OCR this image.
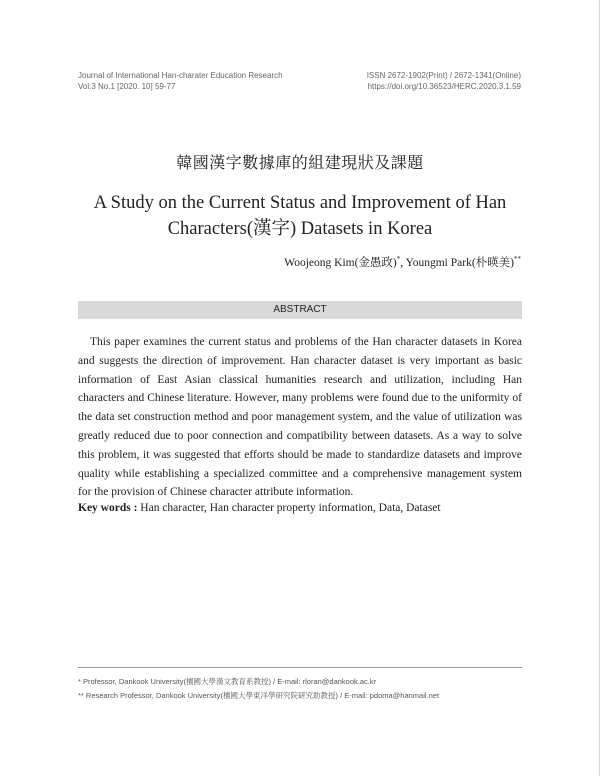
Journal of International Han-charater Education Research
Vol.3 No.1 [2020. 10] 59-77
ISSN 2672-1902(Print) / 2672-1341(Online)
https://doi.org/10.36523/HERC.2020.3.1.59
韓國漢字數據庫的組建現狀及課題
A Study on the Current Status and Improvement of Han
Characters(漢字) Datasets in Korea
Woojeong Kim(金愚政)*, Youngmi Park(朴暎美)**
ABSTRACT

This paper examines the current status and problems of the Han character datasets in Korea and suggests the direction of improvement. Han character dataset is very important as basic information of East Asian classical humanities research and utilization, including Han characters and Chinese literature. However, many problems were found due to the uniformity of the data set construction method and poor management system, and the value of utilization was greatly reduced due to poor connection and compatibility between datasets. As a way to solve this problem, it was suggested that efforts should be made to standardize datasets and improve quality while establishing a specialized committee and a comprehensive management system for the provision of Chinese character attribute information.

Key words : Han character, Han character property information, Data, Dataset
* Professor, Dankook University(檀國大學漢文教育系教授) / E-mail: rloran@dankook.ac.kr
** Research Professor, Dankook University(檀國大學東洋學研究院研究助教授) / E-mail: pdoma@hanmail.net
